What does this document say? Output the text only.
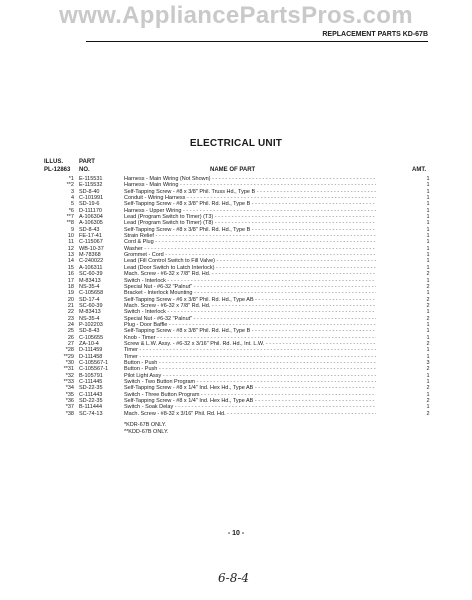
www.AppliancePartsPros.com
REPLACEMENT PARTS KD-67B
ELECTRICAL UNIT
ILLUS.
PL-12863
PART
NO.	NAME OF PART	AMT.
*1 E-115531	Harness - Main Wiring (Not Shown) - - -	1
**2 E-115532	Harness - Main Wiring - - -	1
3 SD-8-40	Self-Tapping Screw - #8 x 3/8" Phil. Truss Hd., Type B - - -	1
4 C-101991	Conduit - Wiring Harness - - -	1
5 SD-19-6	Self-Tapping Screw - #8 x 3/8" Phil. Rd. Hd., Type B - - -	1
*6 D-111170	Harness - Upper Wiring - - -	1
**7 A-106304	Lead (Program Switch to Timer) (T3) - - -	1
**8 A-106305	Lead (Program Switch to Timer) (T8) - - -	1
9 SD-8-43	Self-Tapping Screw - #8 x 3/8" Phil. Rd. Hd., Type B - - -	1
10 FE-17-41	Strain Relief - - -	1
11 C-115067	Cord & Plug - - -	1
12 WB-10-37	Washer - - -	1
13 M-78368	Grommet - Cord - - -	1
14 C-240022	Lead (Fill Control Switch to Fill Valve) - - -	1
15 A-106311	Lead (Door Switch to Latch Interlock) - - -	1
16 SC-60-39	Mach. Screw - #6-32 x 7/8" Rd. Hd. - - -	2
17 M-83413	Switch - Interlock - - -	1
18 NS-35-4	Special Nut - #6-32 "Palnut" - - -	2
19 C-105658	Bracket - Interlock Mounting - - -	1
20 SD-17-4	Self-Tapping Screw - #6 x 3/8" Phil. Rd. Hd., Type AB - - -	2
21 SC-60-39	Mach. Screw - #6-32 x 7/8" Rd. Hd. - - -	2
22 M-83413	Switch - Interlock - - -	1
23 NS-35-4	Special Nut - #6-32 "Palnut" - - -	2
24 P-102203	Plug - Door Baffle - - -	1
25 SD-8-43	Self-Tapping Screw - #8 x 3/8" Phil. Rd. Hd., Type B - - -	1
26 C-105655	Knob - Timer - - -	1
27 ZA-10-4	Screw & L.W. Assy. - #6-32 x 3/16" Phil. Rd. Hd., Int. L.W. - - -	2
*28 D-111459	Timer - - -	1
**29 D-111458	Timer - - -	1
*30 C-105567-1	Button - Push - - -	3
**31 C-105567-1	Button - Push - - -	2
*32 B-105791	Pilot Light Assy - - -	1
**33 C-111445	Switch - Two Button Program - - -	1
*34 SD-22-35	Self-Tapping Screw - #8 x 1/4" Ind. Hex Hd., Type AB - - -	2
*35 C-111443	Switch - Three Button Program - - -	1
*36 SD-22-35	Self-Tapping Screw - #8 x 1/4" Ind. Hex Hd., Type AB - - -	2
*37 B-111444	Switch - Soak Delay - - -	1
*38 SC-74-13	Mach. Screw - #8-32 x 3/16" Phil. Rd. Hd. - - -	2
*KDR-67B ONLY.
**KDD-67B ONLY.
- 10 -
6-8-4
